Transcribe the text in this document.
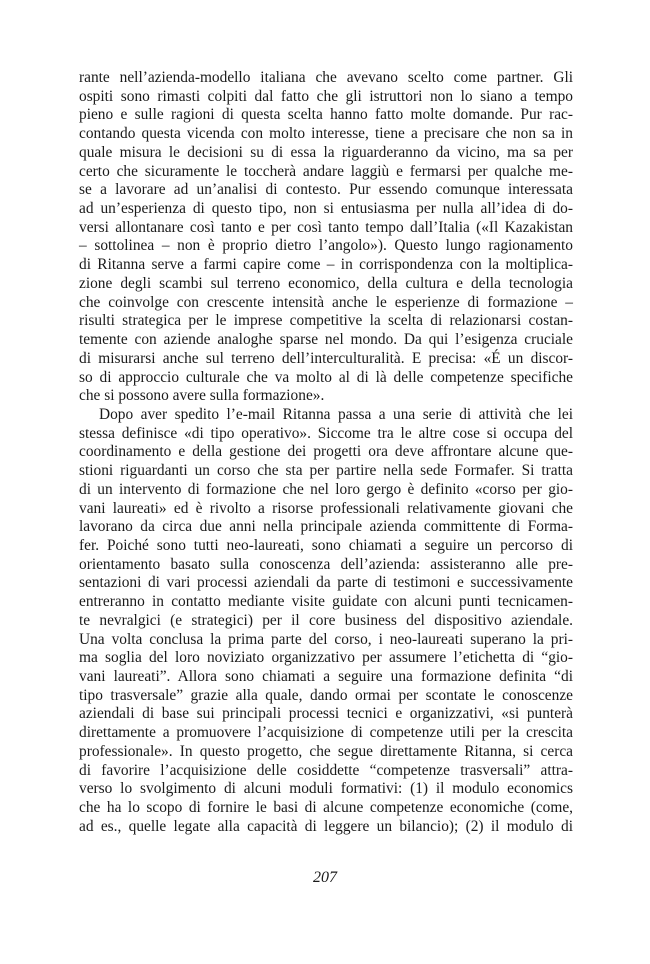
rante nell’azienda-modello italiana che avevano scelto come partner. Gli
ospiti sono rimasti colpiti dal fatto che gli istruttori non lo siano a tempo
pieno e sulle ragioni di questa scelta hanno fatto molte domande. Pur rac-
contando questa vicenda con molto interesse, tiene a precisare che non sa in
quale misura le decisioni su di essa la riguarderanno da vicino, ma sa per
certo che sicuramente le toccherà andare laggiù e fermarsi per qualche me-
se a lavorare ad un’analisi di contesto. Pur essendo comunque interessata
ad un’esperienza di questo tipo, non si entusiasma per nulla all’idea di do-
versi allontanare così tanto e per così tanto tempo dall’Italia («Il Kazakistan
– sottolinea – non è proprio dietro l’angolo»). Questo lungo ragionamento
di Ritanna serve a farmi capire come – in corrispondenza con la moltiplica-
zione degli scambi sul terreno economico, della cultura e della tecnologia
che coinvolge con crescente intensità anche le esperienze di formazione –
risulti strategica per le imprese competitive la scelta di relazionarsi costan-
temente con aziende analoghe sparse nel mondo. Da qui l’esigenza cruciale
di misurarsi anche sul terreno dell’interculturalità. E precisa: «É un discor-
so di approccio culturale che va molto al di là delle competenze specifiche
che si possono avere sulla formazione».
Dopo aver spedito l’e-mail Ritanna passa a una serie di attività che lei
stessa definisce «di tipo operativo». Siccome tra le altre cose si occupa del
coordinamento e della gestione dei progetti ora deve affrontare alcune que-
stioni riguardanti un corso che sta per partire nella sede Formafer. Si tratta
di un intervento di formazione che nel loro gergo è definito «corso per gio-
vani laureati» ed è rivolto a risorse professionali relativamente giovani che
lavorano da circa due anni nella principale azienda committente di Forma-
fer. Poiché sono tutti neo-laureati, sono chiamati a seguire un percorso di
orientamento basato sulla conoscenza dell’azienda: assisteranno alle pre-
sentazioni di vari processi aziendali da parte di testimoni e successivamente
entreranno in contatto mediante visite guidate con alcuni punti tecnicamen-
te nevralgici (e strategici) per il core business del dispositivo aziendale.
Una volta conclusa la prima parte del corso, i neo-laureati superano la pri-
ma soglia del loro noviziato organizzativo per assumere l’etichetta di “gio-
vani laureati”. Allora sono chiamati a seguire una formazione definita “di
tipo trasversale” grazie alla quale, dando ormai per scontate le conoscenze
aziendali di base sui principali processi tecnici e organizzativi, «si punterà
direttamente a promuovere l’acquisizione di competenze utili per la crescita
professionale». In questo progetto, che segue direttamente Ritanna, si cerca
di favorire l’acquisizione delle cosiddette “competenze trasversali” attra-
verso lo svolgimento di alcuni moduli formativi: (1) il modulo economics
che ha lo scopo di fornire le basi di alcune competenze economiche (come,
ad es., quelle legate alla capacità di leggere un bilancio); (2) il modulo di
207
